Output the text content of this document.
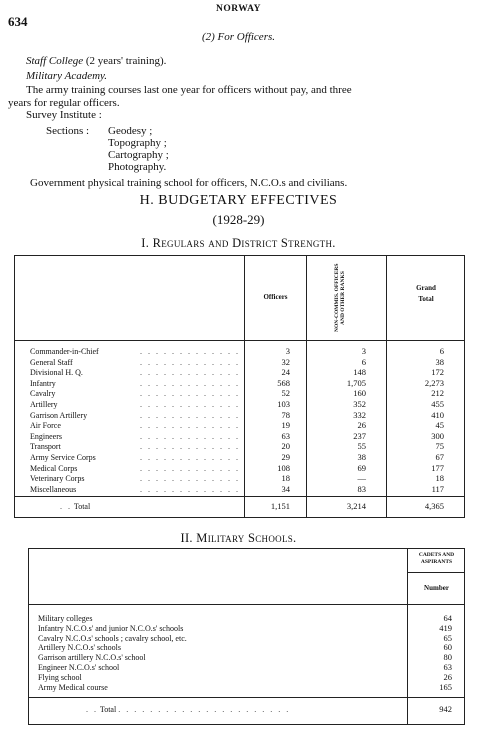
634
NORWAY
(2) For Officers.
Staff College (2 years' training).
Military Academy.
The army training courses last one year for officers without pay, and three
years for regular officers.
Survey Institute :
Sections : Geodesy ;
Topography ;
Cartography ;
Photography.
Government physical training school for officers, N.C.O.s and civilians.
H. BUDGETARY EFFECTIVES
(1928-29)
I. Regulars and District Strength.
Officers	NON-COMMIS. OFFICERS AND OTHER RANKS	Grand
Total
Commander-in-Chief	. . . . . . . . . . . . .	3	3	6
General Staff	. . . . . . . . . . . . .	32	6	38
Divisional H. Q.	. . . . . . . . . . . . .	24	148	172
Infantry	. . . . . . . . . . . . .	568	1,705	2,273
Cavalry	. . . . . . . . . . . . .	52	160	212
Artillery	. . . . . . . . . . . . .	103	352	455
Garrison Artillery	. . . . . . . . . . . . .	78	332	410
Air Force	. . . . . . . . . . . . .	19	26	45
Engineers	. . . . . . . . . . . . .	63	237	300
Transport	. . . . . . . . . . . . .	20	55	75
Army Service Corps	. . . . . . . . . . . . .	29	38	67
Medical Corps	. . . . . . . . . . . . .	108	69	177
Veterinary Corps	. . . . . . . . . . . . .	18	—	18
Miscellaneous	. . . . . . . . . . . . .	34	83	117
. . Total	1,151	3,214	4,365
II. Military Schools.
CADETS AND ASPIRANTS
Number
Military colleges	64
Infantry N.C.O.s' and junior N.C.O.s' schools	419
Cavalry N.C.O.s' schools ; cavalry school, etc.	65
Artillery N.C.O.s' schools	60
Garrison artillery N.C.O.s' school	80
Engineer N.C.O.s' school	63
Flying school	26
Army Medical course	165
. . Total . . . . . . . . . . . . . . . . . . . . . .	942
